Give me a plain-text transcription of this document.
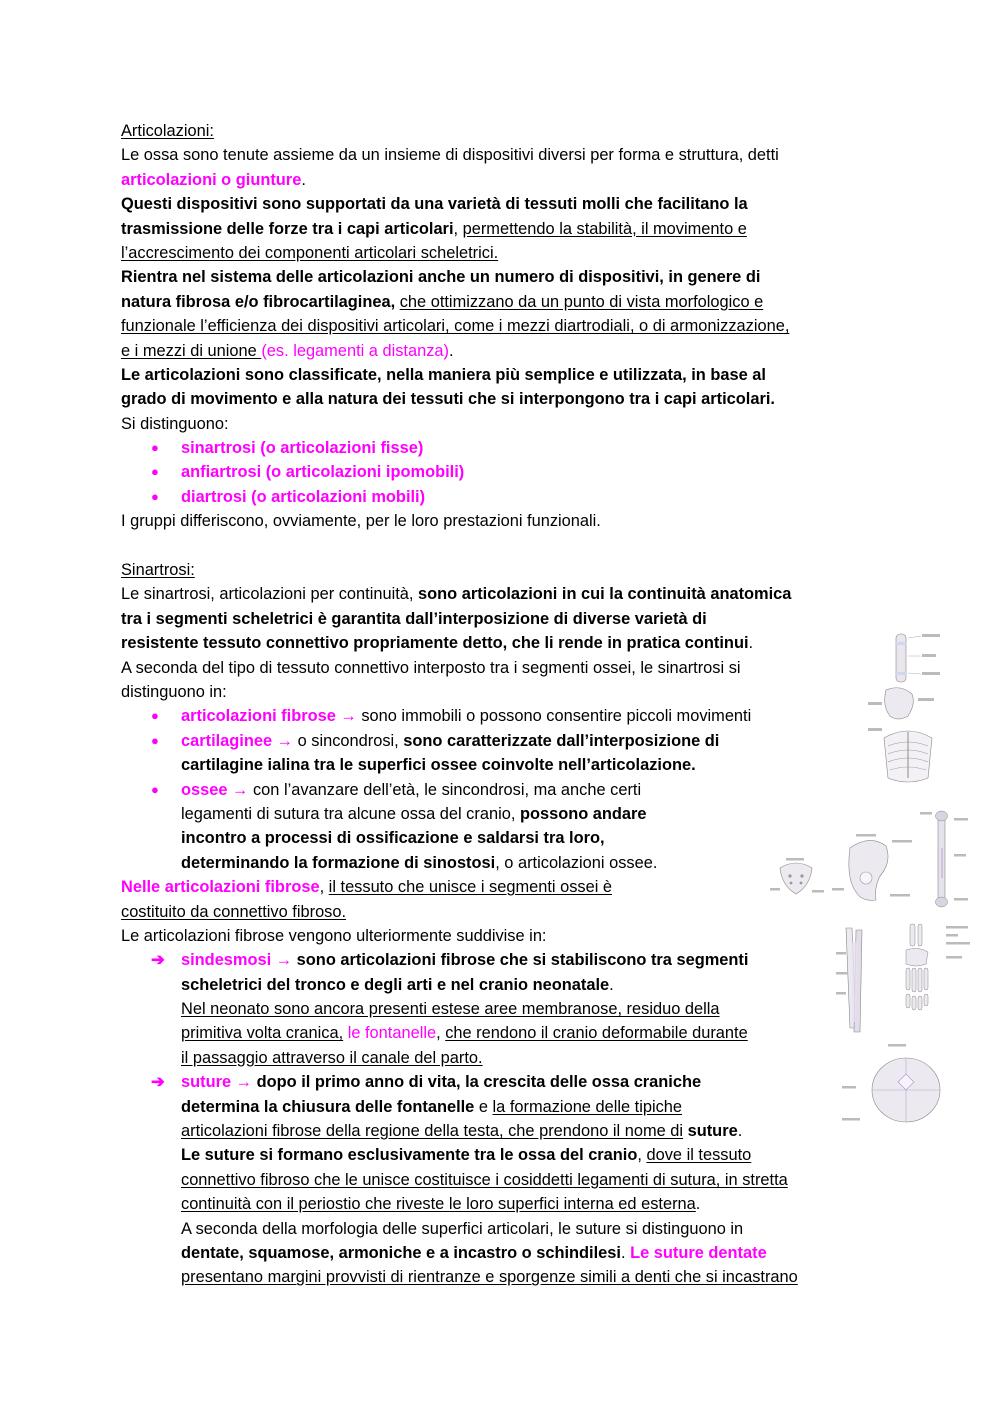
Articolazioni:
Le ossa sono tenute assieme da un insieme di dispositivi diversi per forma e struttura, detti
articolazioni o giunture.
Questi dispositivi sono supportati da una varietà di tessuti molli che facilitano la
trasmissione delle forze tra i capi articolari, permettendo la stabilità, il movimento e
l’accrescimento dei componenti articolari scheletrici.
Rientra nel sistema delle articolazioni anche un numero di dispositivi, in genere di
natura fibrosa e/o fibrocartilaginea, che ottimizzano da un punto di vista morfologico e
funzionale l’efficienza dei dispositivi articolari, come i mezzi diartrodiali, o di armonizzazione,
e i mezzi di unione (es. legamenti a distanza).
Le articolazioni sono classificate, nella maniera più semplice e utilizzata, in base al
grado di movimento e alla natura dei tessuti che si interpongono tra i capi articolari.
Si distinguono:
● sinartrosi (o articolazioni fisse)
● anfiartrosi (o articolazioni ipomobili)
● diartrosi (o articolazioni mobili)
I gruppi differiscono, ovviamente, per le loro prestazioni funzionali.
Sinartrosi:
Le sinartrosi, articolazioni per continuità, sono articolazioni in cui la continuità anatomica
tra i segmenti scheletrici è garantita dall’interposizione di diverse varietà di
resistente tessuto connettivo propriamente detto, che li rende in pratica continui.
A seconda del tipo di tessuto connettivo interposto tra i segmenti ossei, le sinartrosi si
distinguono in:
● articolazioni fibrose → sono immobili o possono consentire piccoli movimenti
● cartilaginee → o sincondrosi, sono caratterizzate dall’interposizione di
cartilagine ialina tra le superfici ossee coinvolte nell’articolazione.
● ossee → con l’avanzare dell’età, le sincondrosi, ma anche certi
legamenti di sutura tra alcune ossa del cranio, possono andare
incontro a processi di ossificazione e saldarsi tra loro,
determinando la formazione di sinostosi, o articolazioni ossee.
Nelle articolazioni fibrose, il tessuto che unisce i segmenti ossei è
costituito da connettivo fibroso.
Le articolazioni fibrose vengono ulteriormente suddivise in:
➔ sindesmosi → sono articolazioni fibrose che si stabiliscono tra segmenti
scheletrici del tronco e degli arti e nel cranio neonatale.
Nel neonato sono ancora presenti estese aree membranose, residuo della
primitiva volta cranica, le fontanelle, che rendono il cranio deformabile durante
il passaggio attraverso il canale del parto.
➔ suture → dopo il primo anno di vita, la crescita delle ossa craniche
determina la chiusura delle fontanelle e la formazione delle tipiche
articolazioni fibrose della regione della testa, che prendono il nome di suture.
Le suture si formano esclusivamente tra le ossa del cranio, dove il tessuto
connettivo fibroso che le unisce costituisce i cosiddetti legamenti di sutura, in stretta
continuità con il periostio che riveste le loro superfici interna ed esterna.
A seconda della morfologia delle superfici articolari, le suture si distinguono in
dentate, squamose, armoniche e a incastro o schindilesi. Le suture dentate
presentano margini provvisti di rientranze e sporgenze simili a denti che si incastrano
